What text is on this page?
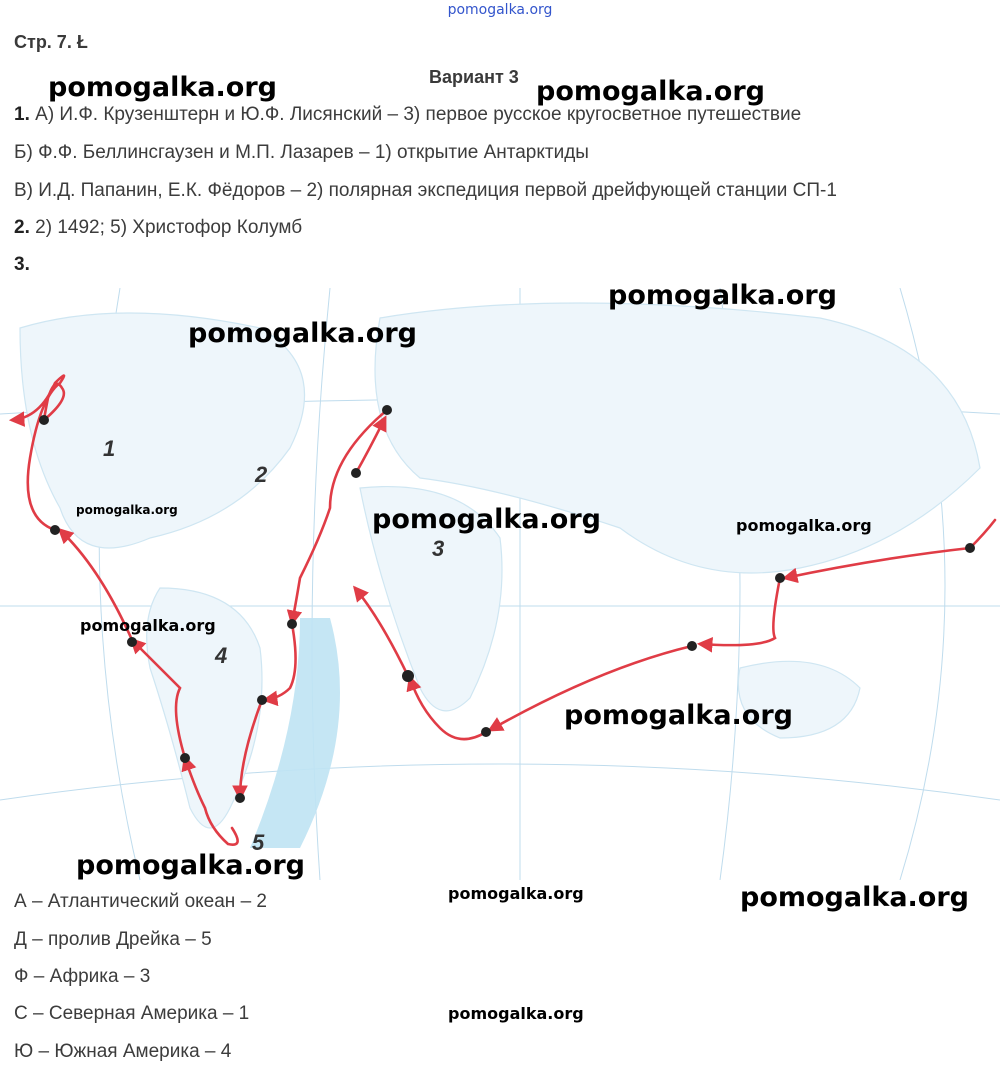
pomogalka.org
Стр. 7. Ł
Вариант 3
1. А) И.Ф. Крузенштерн и Ю.Ф. Лисянский – 3) первое русское кругосветное путешествие
Б) Ф.Ф. Беллинсгаузен и М.П. Лазарев – 1) открытие Антарктиды
В) И.Д. Папанин, Е.К. Фёдоров – 2) полярная экспедиция первой дрейфующей станции СП-1
2. 2) 1492; 5) Христофор Колумб
3.
1
2
3
4
5
pomogalka.org	pomogalka.org
pomogalka.org
pomogalka.org
pomogalka.org	pomogalka.org	pomogalka.org
pomogalka.org
pomogalka.org
pomogalka.org
pomogalka.org	pomogalka.org
pomogalka.org
А – Атлантический океан – 2
Д – пролив Дрейка – 5
Ф – Африка – 3
С – Северная Америка – 1
Ю – Южная Америка – 4
